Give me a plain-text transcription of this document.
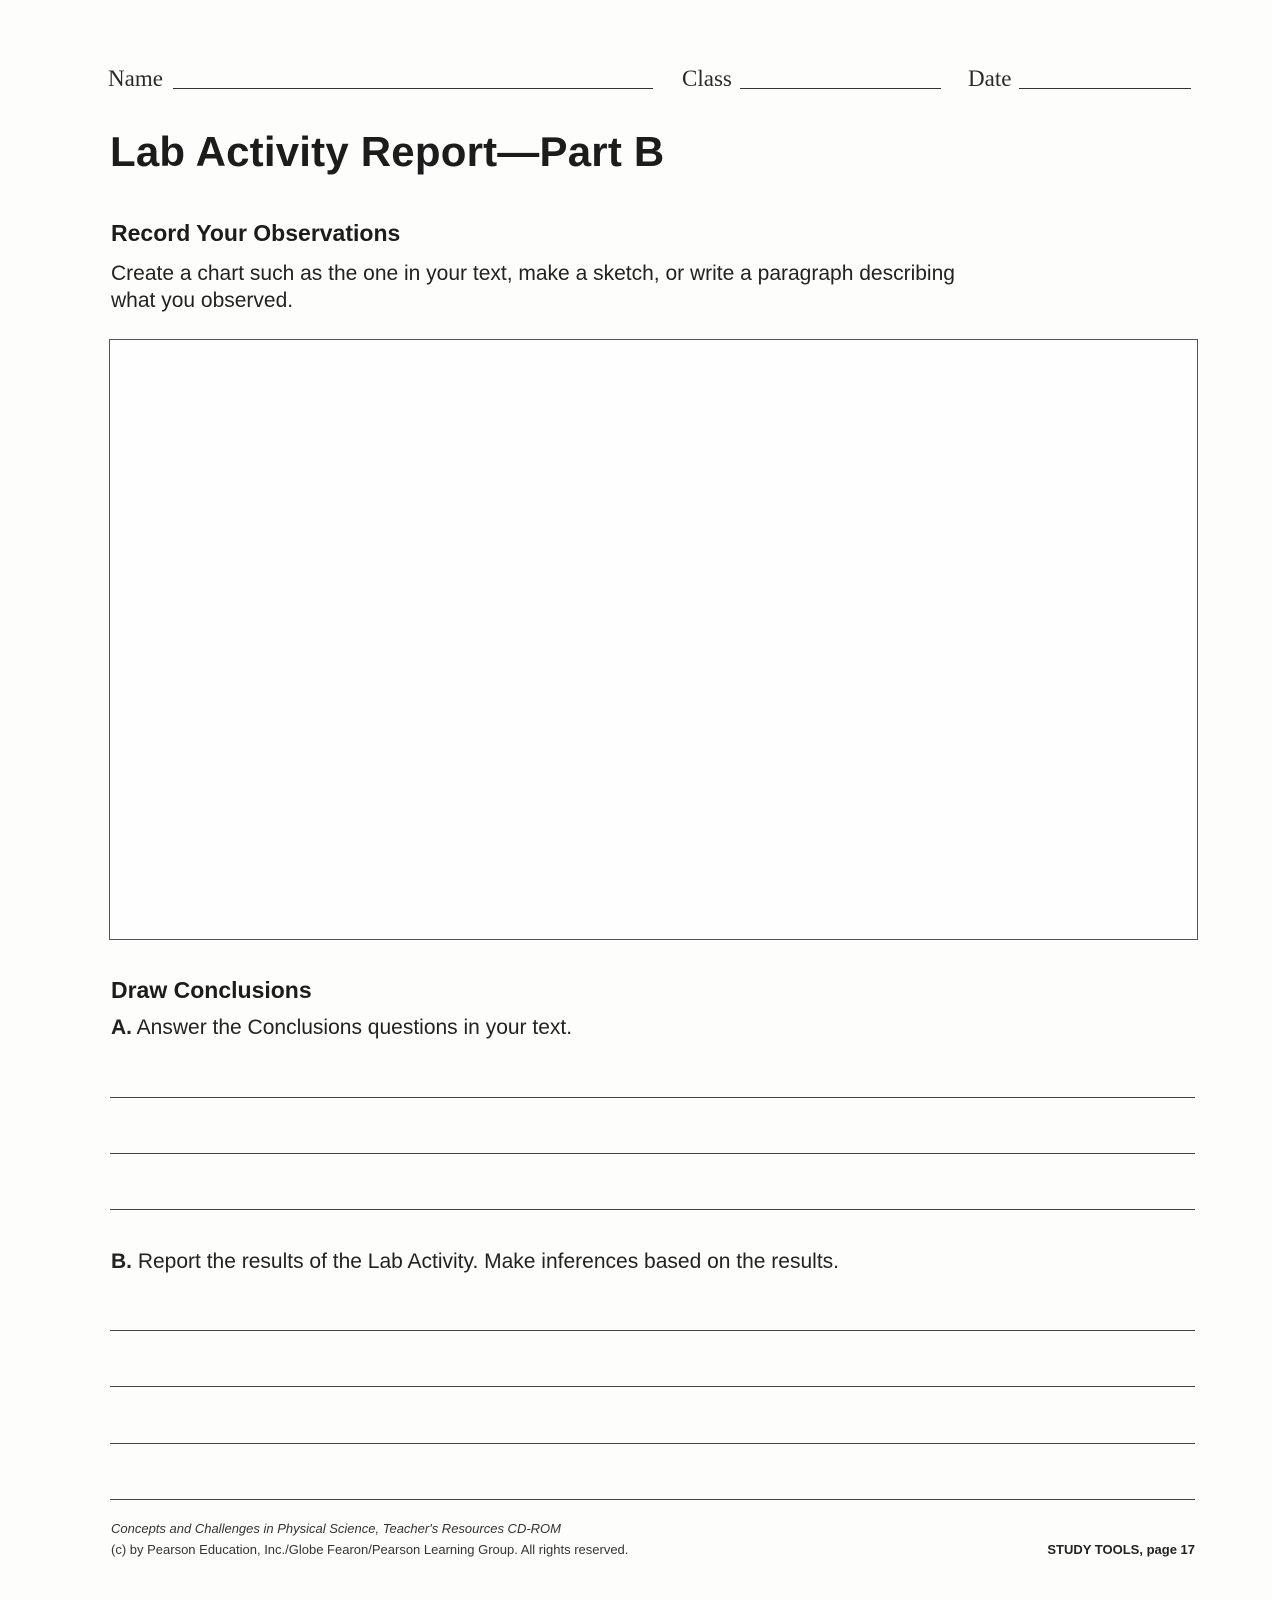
Name	Class	Date
Lab Activity Report—Part B
Record Your Observations
Create a chart such as the one in your text, make a sketch, or write a paragraph describing
what you observed.
Draw Conclusions
A. Answer the Conclusions questions in your text.
B. Report the results of the Lab Activity. Make inferences based on the results.
Concepts and Challenges in Physical Science, Teacher's Resources CD-ROM
(c) by Pearson Education, Inc./Globe Fearon/Pearson Learning Group. All rights reserved.	STUDY TOOLS, page 17
